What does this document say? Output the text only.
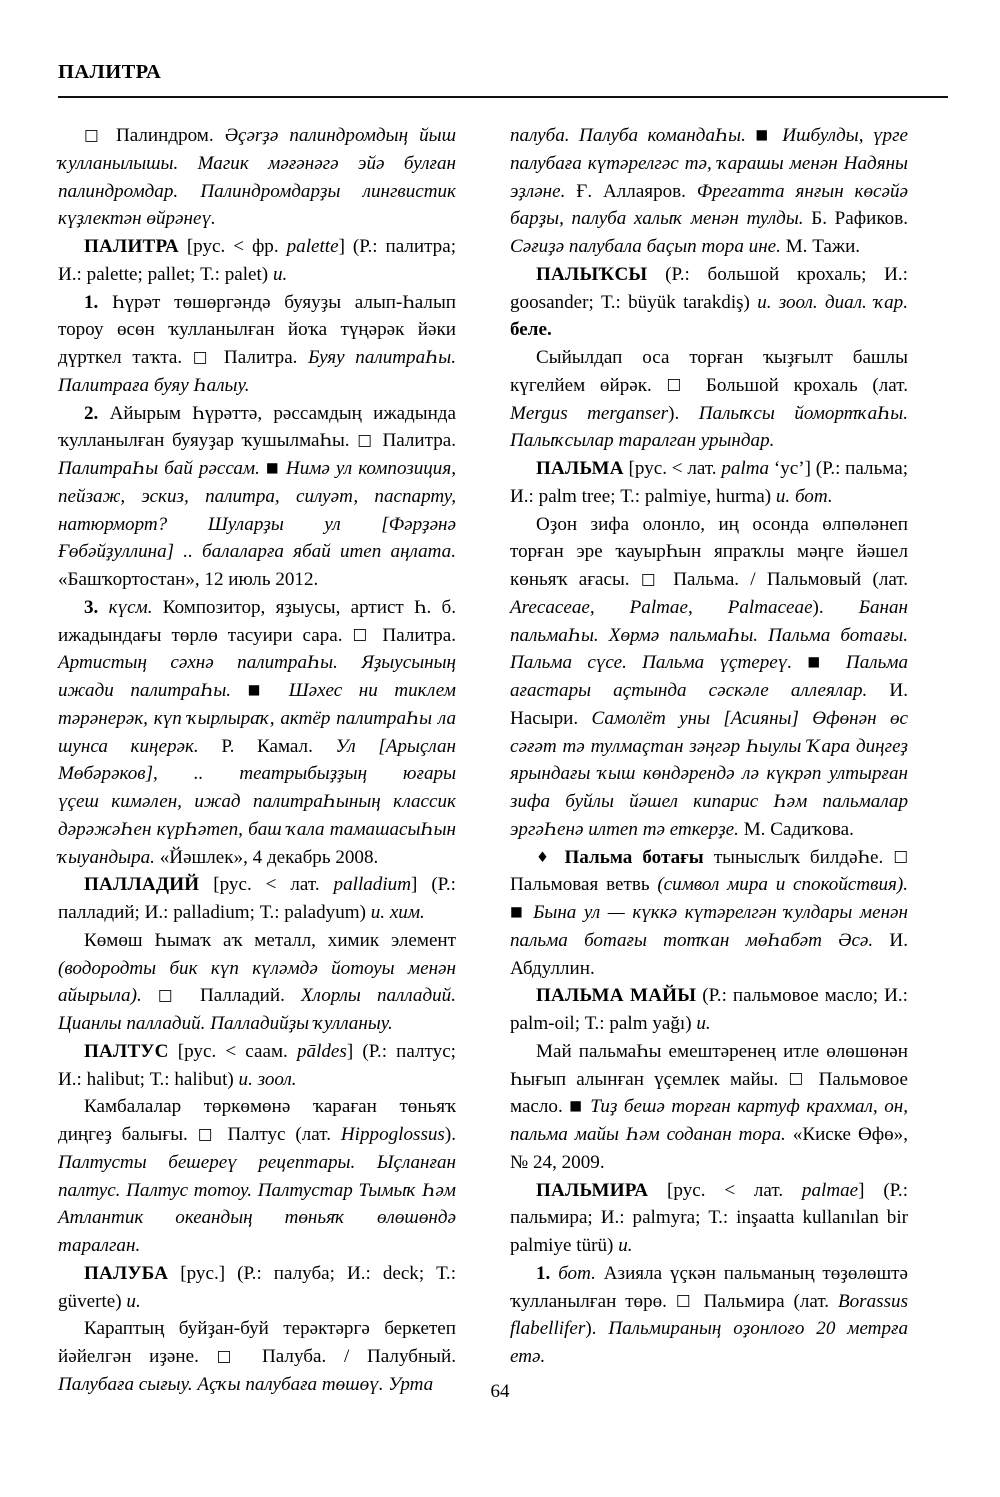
ПАЛИТРА

□ Палиндром. Əçәrҙә палиндромдың йыш ҡулланылышы. Магик мәғәнәгә эйә булған палиндромдар. Палиндромдарҙы лингвистик күҙлектән өйрәнеү.

ПАЛИТРА [рус. < фр. palette] (Р.: палитра; И.: palette; pallet; Т.: palet) и.

1. Һүрәт төшөргәндә буяуҙы алып-Һалып тороу өсөн ҡулланылған йоҡа түңәрәк йәки дүрткел таҡта. □ Палитра. Буяу палитраҺы. Палитраға буяу Һалыу.

2. Айырым Һүрәттә, рәссамдың ижадында ҡулланылған буяуҙар ҡушылмаҺы. □ Палитра. ПалитраҺы бай рәссам. ■ Нимә ул композиция, пейзаж, эскиз, палитра, силуәт, паспарту, натюрморт? Шуларҙы ул [Фәрҙәнә Ғөбәйҙуллина] .. балаларға ябай итеп аңлата. «Башҡортостан», 12 июль 2012.

3. күсм. Композитор, яҙыусы, артист Һ. б. ижадындағы төрлө тасуири сара. □ Палитра. Артистың сәхнә палитраҺы. Яҙыусының ижади палитраҺы. ■ Шәхес ни тиклем тәрәнерәк, күп ҡырлыраҡ, актёр палитраҺы ла шунса киңерәк. Р. Камал. Ул [Арыçлан Мөбәрәков], .. театрыбыҙҙың юғары үçеш кимәлен, ижад палитраҺының классик дәрәжәҺен күрҺәтеп, баш ҡала тамашасыҺын ҡыуандыра. «Йәшлек», 4 декабрь 2008.

ПАЛЛАДИЙ [рус. < лат. palladium] (Р.: палладий; И.: palladium; Т.: paladyum) и. хим.

Көмөш Һымаҡ аҡ металл, химик элемент (водородты бик күп күләмдә йотоуы менән айырыла). □ Палладий. Хлорлы палладий. Цианлы палладий. Палладийҙы ҡулланыу.

ПАЛТУС [рус. < саам. pāldes] (Р.: палтус; И.: halibut; Т.: halibut) и. зоол.

Камбалалар төркөмөнә ҡараған төньяҡ диңгеҙ балығы. □ Палтус (лат. Hippoglossus). Палтусты бешереү рецептары. Ыçланған палтус. Палтус тотоу. Палтустар Тымыҡ Һәм Атлантик океандың төньяҡ өлөшөндә таралган.

ПАЛУБА [рус.] (Р.: палуба; И.: deck; Т.: güverte) и.

Караптың буйҙан-буй терәктәргә беркетеп йәйелгән иҙәне. □ Палуба. / Палубный. Палубаға сығыу. Аçҡы палубаға төшөү. Урта

палуба. Палуба командаҺы. ■ Ишбулды, үрге палубаға күтәрелгәс тә, ҡарашы менән Надяны эҙләне. Ғ. Аллаяров. Фрегатта янғын көсәйә барҙы, палуба халыҡ менән тулды. Б. Рафиков. Сәғиҙә палубала баçып тора ине. М. Тажи.

ПАЛЫҠСЫ (Р.: большой крохаль; И.: goosander; Т.: büyük tarakdiş) и. зоол. диал. ҡар. беле.

Сыйылдап оса торған ҡыҙғылт башлы күгелйем өйрәк. □ Большой крохаль (лат. Mergus merganser). Палыҡсы йомортҡаҺы. Палыҡсылар таралган урындар.

ПАЛЬМА [рус. < лат. palma ‘ус’] (Р.: пальма; И.: palm tree; Т.: palmiye, hurma) и. бот.

Оҙон зифа олонло, иң осонда өлпөләнеп торған эре ҡауырҺын япраҡлы мәңге йәшел көньяҡ ағасы. □ Пальма. / Пальмовый (лат. Arecaceae, Palmae, Palmaceae). Банан пальмаҺы. Хөрмә пальмаҺы. Пальма ботағы. Пальма сүсе. Пальма үçтереү. ■ Пальма ағастары аçтында сәскәле аллеялар. И. Насыри. Самолёт уны [Асияны] Өфөнән өс сәғәт тә тулмаçтан зәңгәр Һыулы Ҡара диңгеҙ ярындағы ҡыш көндәрендә лә күкрәп ултырған зифа буйлы йәшел кипарис Һәм пальмалар эргәҺенә илтеп тә еткерҙе. М. Садиҡова.

♦ Пальма ботағы тыныслыҡ билдәҺе. □ Пальмовая ветвь (символ мира и спокойствия). ■ Бына ул — күккә күтәрелгән ҡулдары менән пальма ботағы тотҡан мөҺабәт Əсә. И. Абдуллин.

ПАЛЬМА МАЙЫ (Р.: пальмовое масло; И.: palm-oil; Т.: palm yağı) и.

Май пальмаҺы емештәренең итле өлөшөнән Һығып алынған үçемлек майы. □ Пальмовое масло. ■ Тиҙ бешә торған картуф крахмал, он, пальма майы Һәм соданан тора. «Киске Өфө», № 24, 2009.

ПАЛЬМИРА [рус. < лат. palmae] (Р.: пальмира; И.: palmyra; Т.: inşaatta kullanılan bir palmiye türü) и.

1. бот. Азияла үçкән пальманың төҙөлөштә ҡулланылған төрө. □ Пальмира (лат. Borassus flabellifer). Пальмираның оҙонлоғо 20 метрға етә.

64
